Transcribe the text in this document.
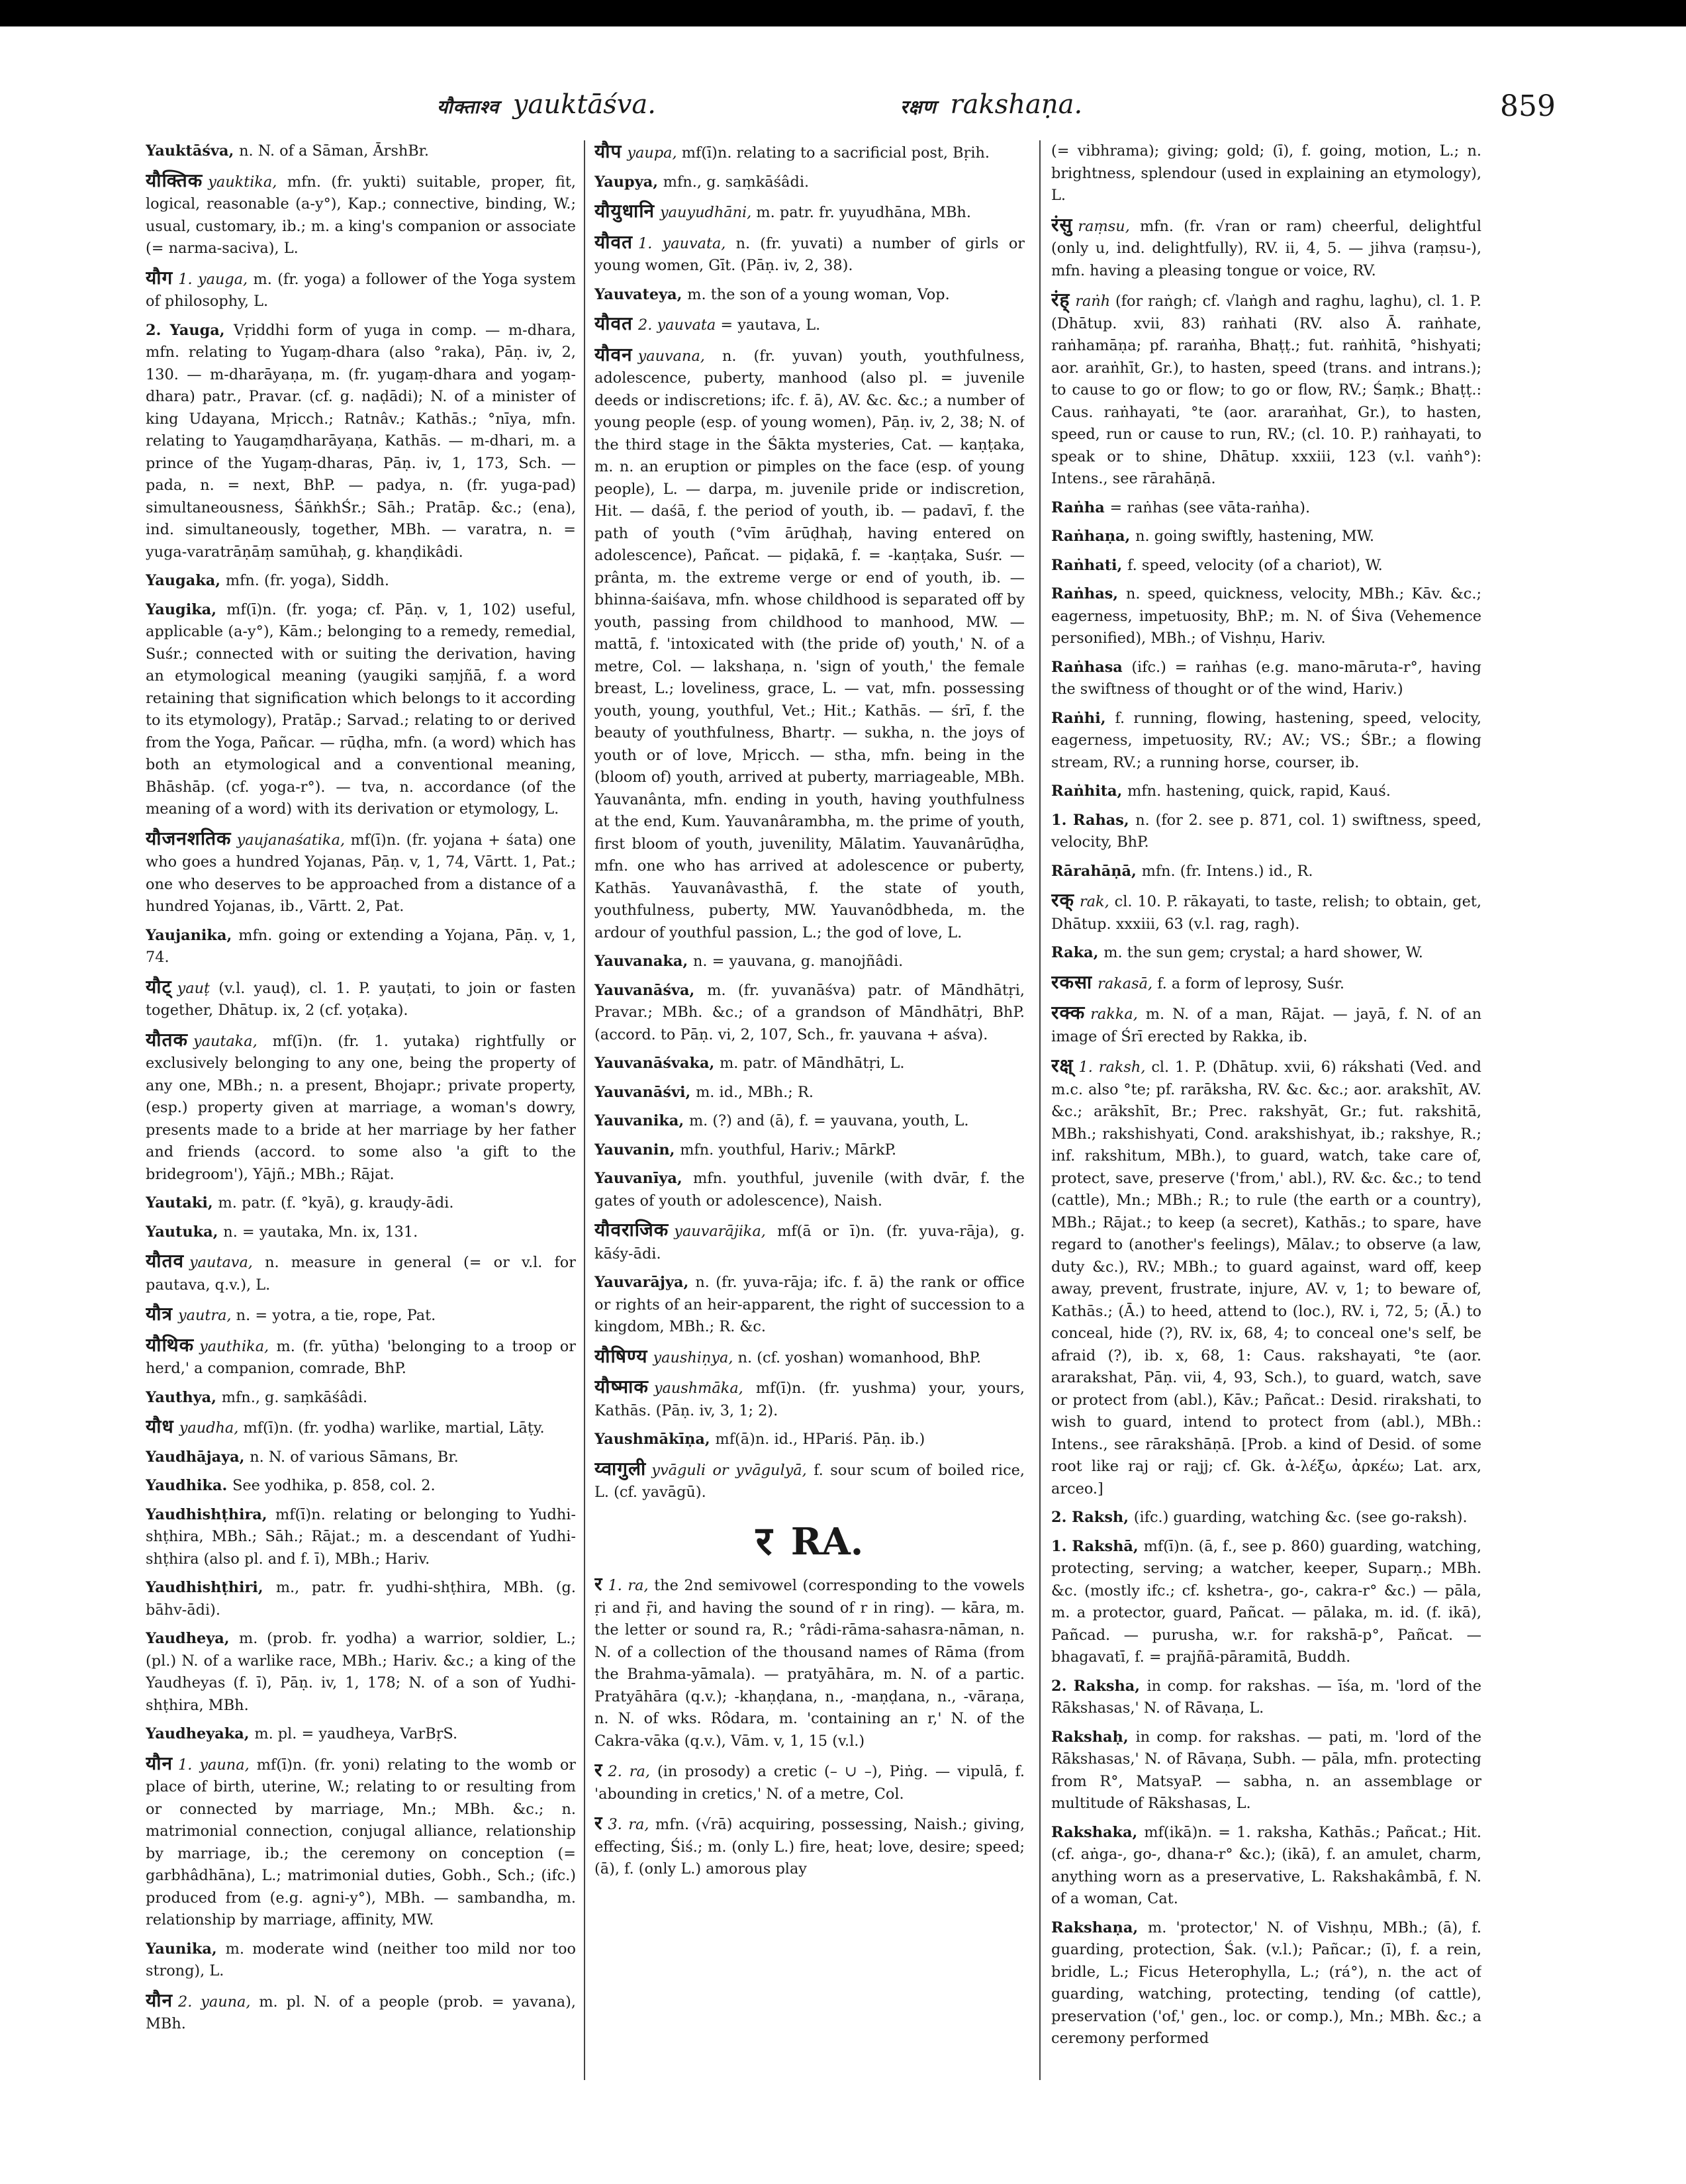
यौक्ताश्व yauktāśva.	रक्षण rakshaṇa.	859

Yauktāśva, n. N. of a Sāman, ĀrshBr.

यौक्तिक yauktika, mfn. (fr. yukti) suitable, proper, fit, logical, reasonable (a-y°), Kap.; connective, binding, W.; usual, customary, ib.; m. a king's companion or associate (= narma-saciva), L.

यौग 1. yauga, m. (fr. yoga) a follower of the Yoga system of philosophy, L.

2. Yauga, Vṛiddhi form of yuga in comp. — m-dhara, mfn. relating to Yugaṃ-dhara (also °raka), Pāṇ. iv, 2, 130. — m-dharāyaṇa, m. (fr. yugaṃ-dhara and yogaṃ-dhara) patr., Pravar. (cf. g. naḍādi); N. of a minister of king Udayana, Mṛicch.; Ratnâv.; Kathās.; °nīya, mfn. relating to Yaugaṃdharāyaṇa, Kathās. — m-dhari, m. a prince of the Yugaṃ-dharas, Pāṇ. iv, 1, 173, Sch. — pada, n. = next, BhP. — padya, n. (fr. yuga-pad) simultaneousness, ŚāṅkhŚr.; Sāh.; Pratāp. &c.; (ena), ind. simultaneously, together, MBh. — varatra, n. = yuga-varatrāṇāṃ samūhaḥ, g. khaṇḍikâdi.

Yaugaka, mfn. (fr. yoga), Siddh.

Yaugika, mf(ī)n. (fr. yoga; cf. Pāṇ. v, 1, 102) useful, applicable (a-y°), Kām.; belonging to a remedy, remedial, Suśr.; connected with or suiting the derivation, having an etymological meaning (yaugiki saṃjñā, f. a word retaining that signification which belongs to it according to its etymology), Pratāp.; Sarvad.; relating to or derived from the Yoga, Pañcar. — rūḍha, mfn. (a word) which has both an etymological and a conventional meaning, Bhāshāp. (cf. yoga-r°). — tva, n. accordance (of the meaning of a word) with its derivation or etymology, L.

यौजनशतिक yaujanaśatika, mf(ī)n. (fr. yojana + śata) one who goes a hundred Yojanas, Pāṇ. v, 1, 74, Vārtt. 1, Pat.; one who deserves to be approached from a distance of a hundred Yojanas, ib., Vārtt. 2, Pat.

Yaujanika, mfn. going or extending a Yojana, Pāṇ. v, 1, 74.

यौट् yauṭ (v.l. yauḍ), cl. 1. P. yauṭati, to join or fasten together, Dhātup. ix, 2 (cf. yoṭaka).

यौतक yautaka, mf(ī)n. (fr. 1. yutaka) rightfully or exclusively belonging to any one, being the property of any one, MBh.; n. a present, Bhojapr.; private property, (esp.) property given at marriage, a woman's dowry, presents made to a bride at her marriage by her father and friends (accord. to some also 'a gift to the bridegroom'), Yājñ.; MBh.; Rājat.

Yautaki, m. patr. (f. °kyā), g. krauḍy-ādi.

Yautuka, n. = yautaka, Mn. ix, 131.

यौतव yautava, n. measure in general (= or v.l. for pautava, q.v.), L.

यौत्र yautra, n. = yotra, a tie, rope, Pat.

यौथिक yauthika, m. (fr. yūtha) 'belonging to a troop or herd,' a companion, comrade, BhP.

Yauthya, mfn., g. saṃkāśâdi.

यौध yaudha, mf(ī)n. (fr. yodha) warlike, martial, Lāṭy.

Yaudhājaya, n. N. of various Sāmans, Br.

Yaudhika. See yodhika, p. 858, col. 2.

Yaudhishṭhira, mf(ī)n. relating or belonging to Yudhi-shṭhira, MBh.; Sāh.; Rājat.; m. a descendant of Yudhi-shṭhira (also pl. and f. ī), MBh.; Hariv.

Yaudhishṭhiri, m., patr. fr. yudhi-shṭhira, MBh. (g. bāhv-ādi).

Yaudheya, m. (prob. fr. yodha) a warrior, soldier, L.; (pl.) N. of a warlike race, MBh.; Hariv. &c.; a king of the Yaudheyas (f. ī), Pāṇ. iv, 1, 178; N. of a son of Yudhi-shṭhira, MBh.

Yaudheyaka, m. pl. = yaudheya, VarBṛS.

यौन 1. yauna, mf(ī)n. (fr. yoni) relating to the womb or place of birth, uterine, W.; relating to or resulting from or connected by marriage, Mn.; MBh. &c.; n. matrimonial connection, conjugal alliance, relationship by marriage, ib.; the ceremony on conception (= garbhâdhāna), L.; matrimonial duties, Gobh., Sch.; (ifc.) produced from (e.g. agni-y°), MBh. — sambandha, m. relationship by marriage, affinity, MW.

Yaunika, m. moderate wind (neither too mild nor too strong), L.

यौन 2. yauna, m. pl. N. of a people (prob. = yavana), MBh.

यौप yaupa, mf(ī)n. relating to a sacrificial post, Bṛih.

Yaupya, mfn., g. saṃkāśâdi.

यौयुधानि yauyudhāni, m. patr. fr. yuyudhāna, MBh.

यौवत 1. yauvata, n. (fr. yuvati) a number of girls or young women, Gīt. (Pāṇ. iv, 2, 38).

Yauvateya, m. the son of a young woman, Vop.

यौवत 2. yauvata = yautava, L.

यौवन yauvana, n. (fr. yuvan) youth, youthfulness, adolescence, puberty, manhood (also pl. = juvenile deeds or indiscretions; ifc. f. ā), AV. &c. &c.; a number of young people (esp. of young women), Pāṇ. iv, 2, 38; N. of the third stage in the Śākta mysteries, Cat. — kaṇṭaka, m. n. an eruption or pimples on the face (esp. of young people), L. — darpa, m. juvenile pride or indiscretion, Hit. — daśā, f. the period of youth, ib. — padavī, f. the path of youth (°vīm ārūḍhaḥ, having entered on adolescence), Pañcat. — piḍakā, f. = -kaṇṭaka, Suśr. — prânta, m. the extreme verge or end of youth, ib. — bhinna-śaiśava, mfn. whose childhood is separated off by youth, passing from childhood to manhood, MW. — mattā, f. 'intoxicated with (the pride of) youth,' N. of a metre, Col. — lakshaṇa, n. 'sign of youth,' the female breast, L.; loveliness, grace, L. — vat, mfn. possessing youth, young, youthful, Vet.; Hit.; Kathās. — śrī, f. the beauty of youthfulness, Bhartṛ. — sukha, n. the joys of youth or of love, Mṛicch. — stha, mfn. being in the (bloom of) youth, arrived at puberty, marriageable, MBh. Yauvanânta, mfn. ending in youth, having youthfulness at the end, Kum. Yauvanârambha, m. the prime of youth, first bloom of youth, juvenility, Mālatim. Yauvanârūḍha, mfn. one who has arrived at adolescence or puberty, Kathās. Yauvanâvasthā, f. the state of youth, youthfulness, puberty, MW. Yauvanôdbheda, m. the ardour of youthful passion, L.; the god of love, L.

Yauvanaka, n. = yauvana, g. manojñâdi.

Yauvanāśva, m. (fr. yuvanāśva) patr. of Māndhātṛi, Pravar.; MBh. &c.; of a grandson of Māndhātṛi, BhP. (accord. to Pāṇ. vi, 2, 107, Sch., fr. yauvana + aśva).

Yauvanāśvaka, m. patr. of Māndhātṛi, L.

Yauvanāśvi, m. id., MBh.; R.

Yauvanika, m. (?) and (ā), f. = yauvana, youth, L.

Yauvanin, mfn. youthful, Hariv.; MārkP.

Yauvanīya, mfn. youthful, juvenile (with dvār, f. the gates of youth or adolescence), Naish.

यौवराजिक yauvarājika, mf(ā or ī)n. (fr. yuva-rāja), g. kāśy-ādi.

Yauvarājya, n. (fr. yuva-rāja; ifc. f. ā) the rank or office or rights of an heir-apparent, the right of succession to a kingdom, MBh.; R. &c.

यौषिण्य yaushiṇya, n. (cf. yoshan) womanhood, BhP.

यौष्माक yaushmāka, mf(ī)n. (fr. yushma) your, yours, Kathās. (Pāṇ. iv, 3, 1; 2).

Yaushmākīṇa, mf(ā)n. id., HPariś. Pāṇ. ib.)

य्वागुली yvāguli or yvāgulyā, f. sour scum of boiled rice, L. (cf. yavāgū).

र RA.

र 1. ra, the 2nd semivowel (corresponding to the vowels ṛi and ṝi, and having the sound of r in ring). — kāra, m. the letter or sound ra, R.; °râdi-rāma-sahasra-nāman, n. N. of a collection of the thousand names of Rāma (from the Brahma-yāmala). — pratyāhāra, m. N. of a partic. Pratyāhāra (q.v.); -khaṇḍana, n., -maṇḍana, n., -vāraṇa, n. N. of wks. Rôdara, m. 'containing an r,' N. of the Cakra-vāka (q.v.), Vām. v, 1, 15 (v.l.)

र 2. ra, (in prosody) a cretic (– ∪ –), Piṅg. — vipulā, f. 'abounding in cretics,' N. of a metre, Col.

र 3. ra, mfn. (√rā) acquiring, possessing, Naish.; giving, effecting, Śiś.; m. (only L.) fire, heat; love, desire; speed; (ā), f. (only L.) amorous play

(= vibhrama); giving; gold; (ī), f. going, motion, L.; n. brightness, splendour (used in explaining an etymology), L.

रंसु raṃsu, mfn. (fr. √ran or ram) cheerful, delightful (only u, ind. delightfully), RV. ii, 4, 5. — jihva (raṃsu-), mfn. having a pleasing tongue or voice, RV.

रंह् raṅh (for raṅgh; cf. √laṅgh and raghu, laghu), cl. 1. P. (Dhātup. xvii, 83) raṅhati (RV. also Ā. raṅhate, raṅhamāṇa; pf. raraṅha, Bhaṭṭ.; fut. raṅhitā, °hishyati; aor. araṅhīt, Gr.), to hasten, speed (trans. and intrans.); to cause to go or flow; to go or flow, RV.; Śaṃk.; Bhaṭṭ.: Caus. raṅhayati, °te (aor. araraṅhat, Gr.), to hasten, speed, run or cause to run, RV.; (cl. 10. P.) raṅhayati, to speak or to shine, Dhātup. xxxiii, 123 (v.l. vaṅh°): Intens., see rārahāṇā.

Raṅha = raṅhas (see vāta-raṅha).

Raṅhaṇa, n. going swiftly, hastening, MW.

Raṅhati, f. speed, velocity (of a chariot), W.

Raṅhas, n. speed, quickness, velocity, MBh.; Kāv. &c.; eagerness, impetuosity, BhP.; m. N. of Śiva (Vehemence personified), MBh.; of Vishṇu, Hariv.

Raṅhasa (ifc.) = raṅhas (e.g. mano-māruta-r°, having the swiftness of thought or of the wind, Hariv.)

Raṅhi, f. running, flowing, hastening, speed, velocity, eagerness, impetuosity, RV.; AV.; VS.; ŚBr.; a flowing stream, RV.; a running horse, courser, ib.

Raṅhita, mfn. hastening, quick, rapid, Kauś.

1. Rahas, n. (for 2. see p. 871, col. 1) swiftness, speed, velocity, BhP.

Rārahāṇā, mfn. (fr. Intens.) id., R.

रक् rak, cl. 10. P. rākayati, to taste, relish; to obtain, get, Dhātup. xxxiii, 63 (v.l. rag, ragh).

Raka, m. the sun gem; crystal; a hard shower, W.

रकसा rakasā, f. a form of leprosy, Suśr.

रक्क rakka, m. N. of a man, Rājat. — jayā, f. N. of an image of Śrī erected by Rakka, ib.

रक्ष् 1. raksh, cl. 1. P. (Dhātup. xvii, 6) rákshati (Ved. and m.c. also °te; pf. rarāksha, RV. &c. &c.; aor. arakshīt, AV. &c.; arākshīt, Br.; Prec. rakshyāt, Gr.; fut. rakshitā, MBh.; rakshishyati, Cond. arakshishyat, ib.; rakshye, R.; inf. rakshitum, MBh.), to guard, watch, take care of, protect, save, preserve ('from,' abl.), RV. &c. &c.; to tend (cattle), Mn.; MBh.; R.; to rule (the earth or a country), MBh.; Rājat.; to keep (a secret), Kathās.; to spare, have regard to (another's feelings), Mālav.; to observe (a law, duty &c.), RV.; MBh.; to guard against, ward off, keep away, prevent, frustrate, injure, AV. v, 1; to beware of, Kathās.; (Ā.) to heed, attend to (loc.), RV. i, 72, 5; (Ā.) to conceal, hide (?), RV. ix, 68, 4; to conceal one's self, be afraid (?), ib. x, 68, 1: Caus. rakshayati, °te (aor. ararakshat, Pāṇ. vii, 4, 93, Sch.), to guard, watch, save or protect from (abl.), Kāv.; Pañcat.: Desid. rirakshati, to wish to guard, intend to protect from (abl.), MBh.: Intens., see rārakshāṇā. [Prob. a kind of Desid. of some root like raj or rajj; cf. Gk. ἀ-λέξω, ἀρκέω; Lat. arx, arceo.]

2. Raksh, (ifc.) guarding, watching &c. (see go-raksh).

1. Rakshā, mf(ī)n. (ā, f., see p. 860) guarding, watching, protecting, serving; a watcher, keeper, Suparṇ.; MBh. &c. (mostly ifc.; cf. kshetra-, go-, cakra-r° &c.) — pāla, m. a protector, guard, Pañcat. — pālaka, m. id. (f. ikā), Pañcad. — purusha, w.r. for rakshā-p°, Pañcat. — bhagavatī, f. = prajñā-pāramitā, Buddh.

2. Raksha, in comp. for rakshas. — īśa, m. 'lord of the Rākshasas,' N. of Rāvaṇa, L.

Rakshaḥ, in comp. for rakshas. — pati, m. 'lord of the Rākshasas,' N. of Rāvaṇa, Subh. — pāla, mfn. protecting from R°, MatsyaP. — sabha, n. an assemblage or multitude of Rākshasas, L.

Rakshaka, mf(ikā)n. = 1. raksha, Kathās.; Pañcat.; Hit. (cf. aṅga-, go-, dhana-r° &c.); (ikā), f. an amulet, charm, anything worn as a preservative, L. Rakshakâmbā, f. N. of a woman, Cat.

Rakshaṇa, m. 'protector,' N. of Vishṇu, MBh.; (ā), f. guarding, protection, Śak. (v.l.); Pañcar.; (ī), f. a rein, bridle, L.; Ficus Heterophylla, L.; (rá°), n. the act of guarding, watching, protecting, tending (of cattle), preservation ('of,' gen., loc. or comp.), Mn.; MBh. &c.; a ceremony performed
